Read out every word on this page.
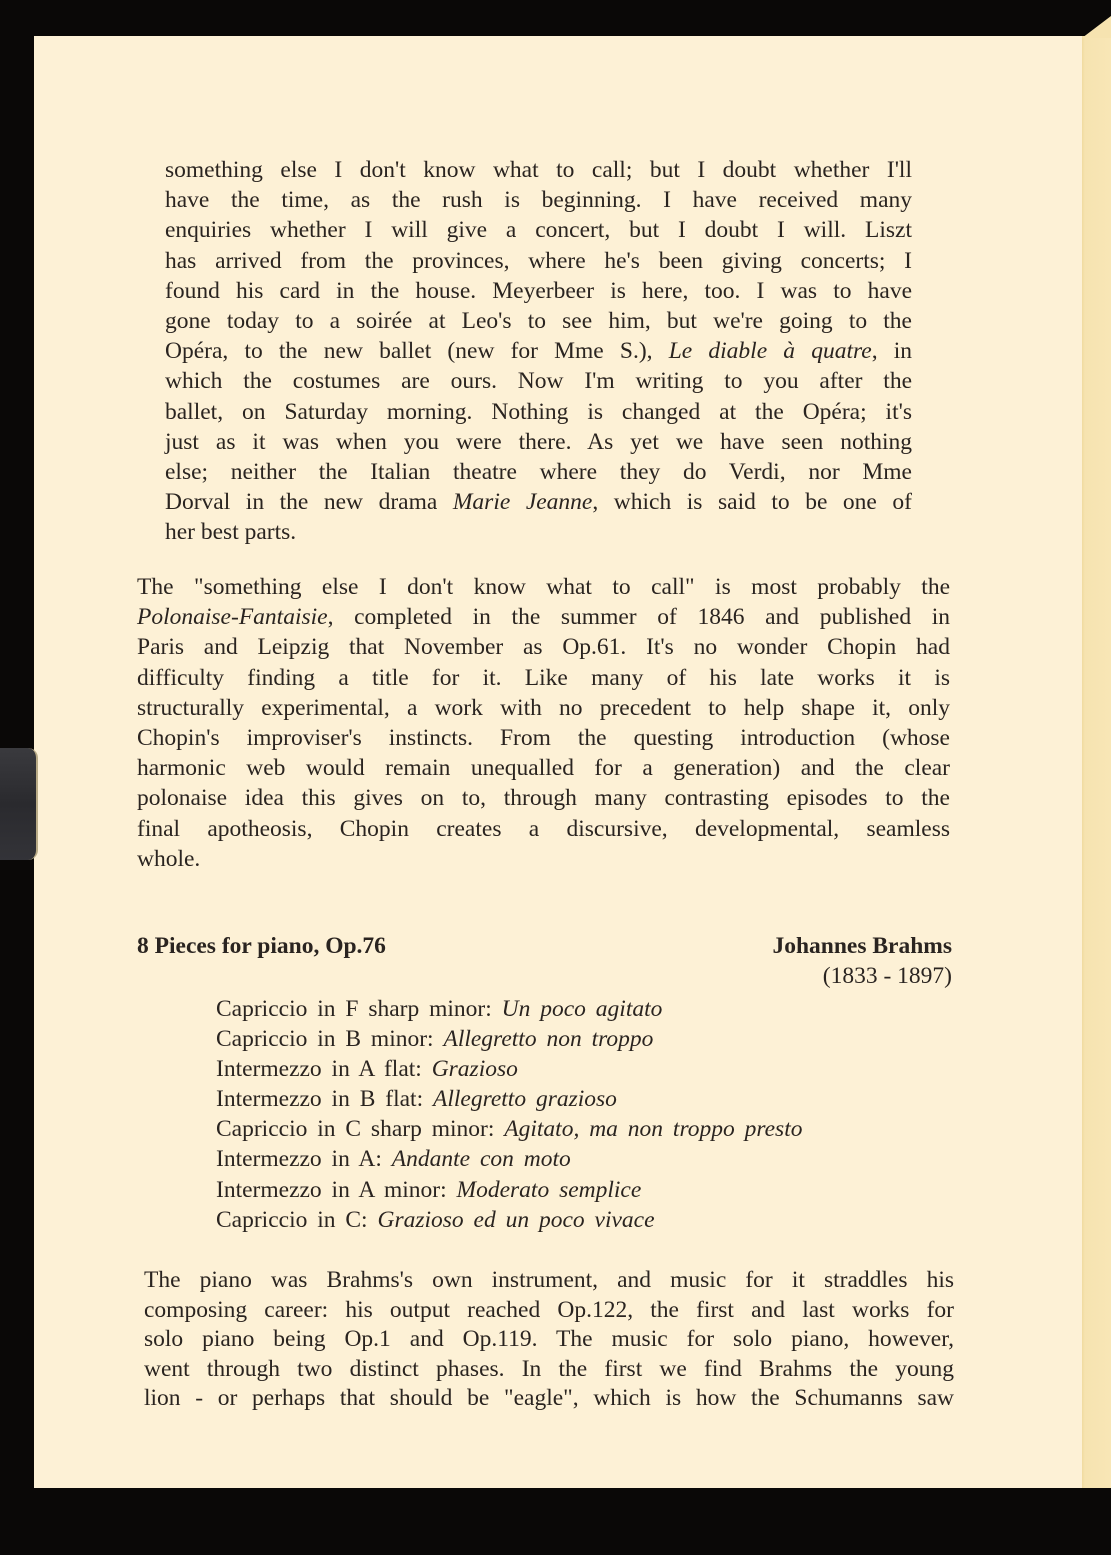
something else I don't know what to call; but I doubt whether I'll
have the time, as the rush is beginning. I have received many
enquiries whether I will give a concert, but I doubt I will. Liszt
has arrived from the provinces, where he's been giving concerts; I
found his card in the house. Meyerbeer is here, too. I was to have
gone today to a soirée at Leo's to see him, but we're going to the
Opéra, to the new ballet (new for Mme S.), Le diable à quatre, in
which the costumes are ours. Now I'm writing to you after the
ballet, on Saturday morning. Nothing is changed at the Opéra; it's
just as it was when you were there. As yet we have seen nothing
else; neither the Italian theatre where they do Verdi, nor Mme
Dorval in the new drama Marie Jeanne, which is said to be one of
her best parts.
The "something else I don't know what to call" is most probably the
Polonaise-Fantaisie, completed in the summer of 1846 and published in
Paris and Leipzig that November as Op.61. It's no wonder Chopin had
difficulty finding a title for it. Like many of his late works it is
structurally experimental, a work with no precedent to help shape it, only
Chopin's improviser's instincts. From the questing introduction (whose
harmonic web would remain unequalled for a generation) and the clear
polonaise idea this gives on to, through many contrasting episodes to the
final apotheosis, Chopin creates a discursive, developmental, seamless
whole.
8 Pieces for piano, Op.76	Johannes Brahms
(1833 - 1897)
Capriccio in F sharp minor: Un poco agitato
Capriccio in B minor: Allegretto non troppo
Intermezzo in A flat: Grazioso
Intermezzo in B flat: Allegretto grazioso
Capriccio in C sharp minor: Agitato, ma non troppo presto
Intermezzo in A: Andante con moto
Intermezzo in A minor: Moderato semplice
Capriccio in C: Grazioso ed un poco vivace
The piano was Brahms's own instrument, and music for it straddles his
composing career: his output reached Op.122, the first and last works for
solo piano being Op.1 and Op.119. The music for solo piano, however,
went through two distinct phases. In the first we find Brahms the young
lion - or perhaps that should be "eagle", which is how the Schumanns saw
